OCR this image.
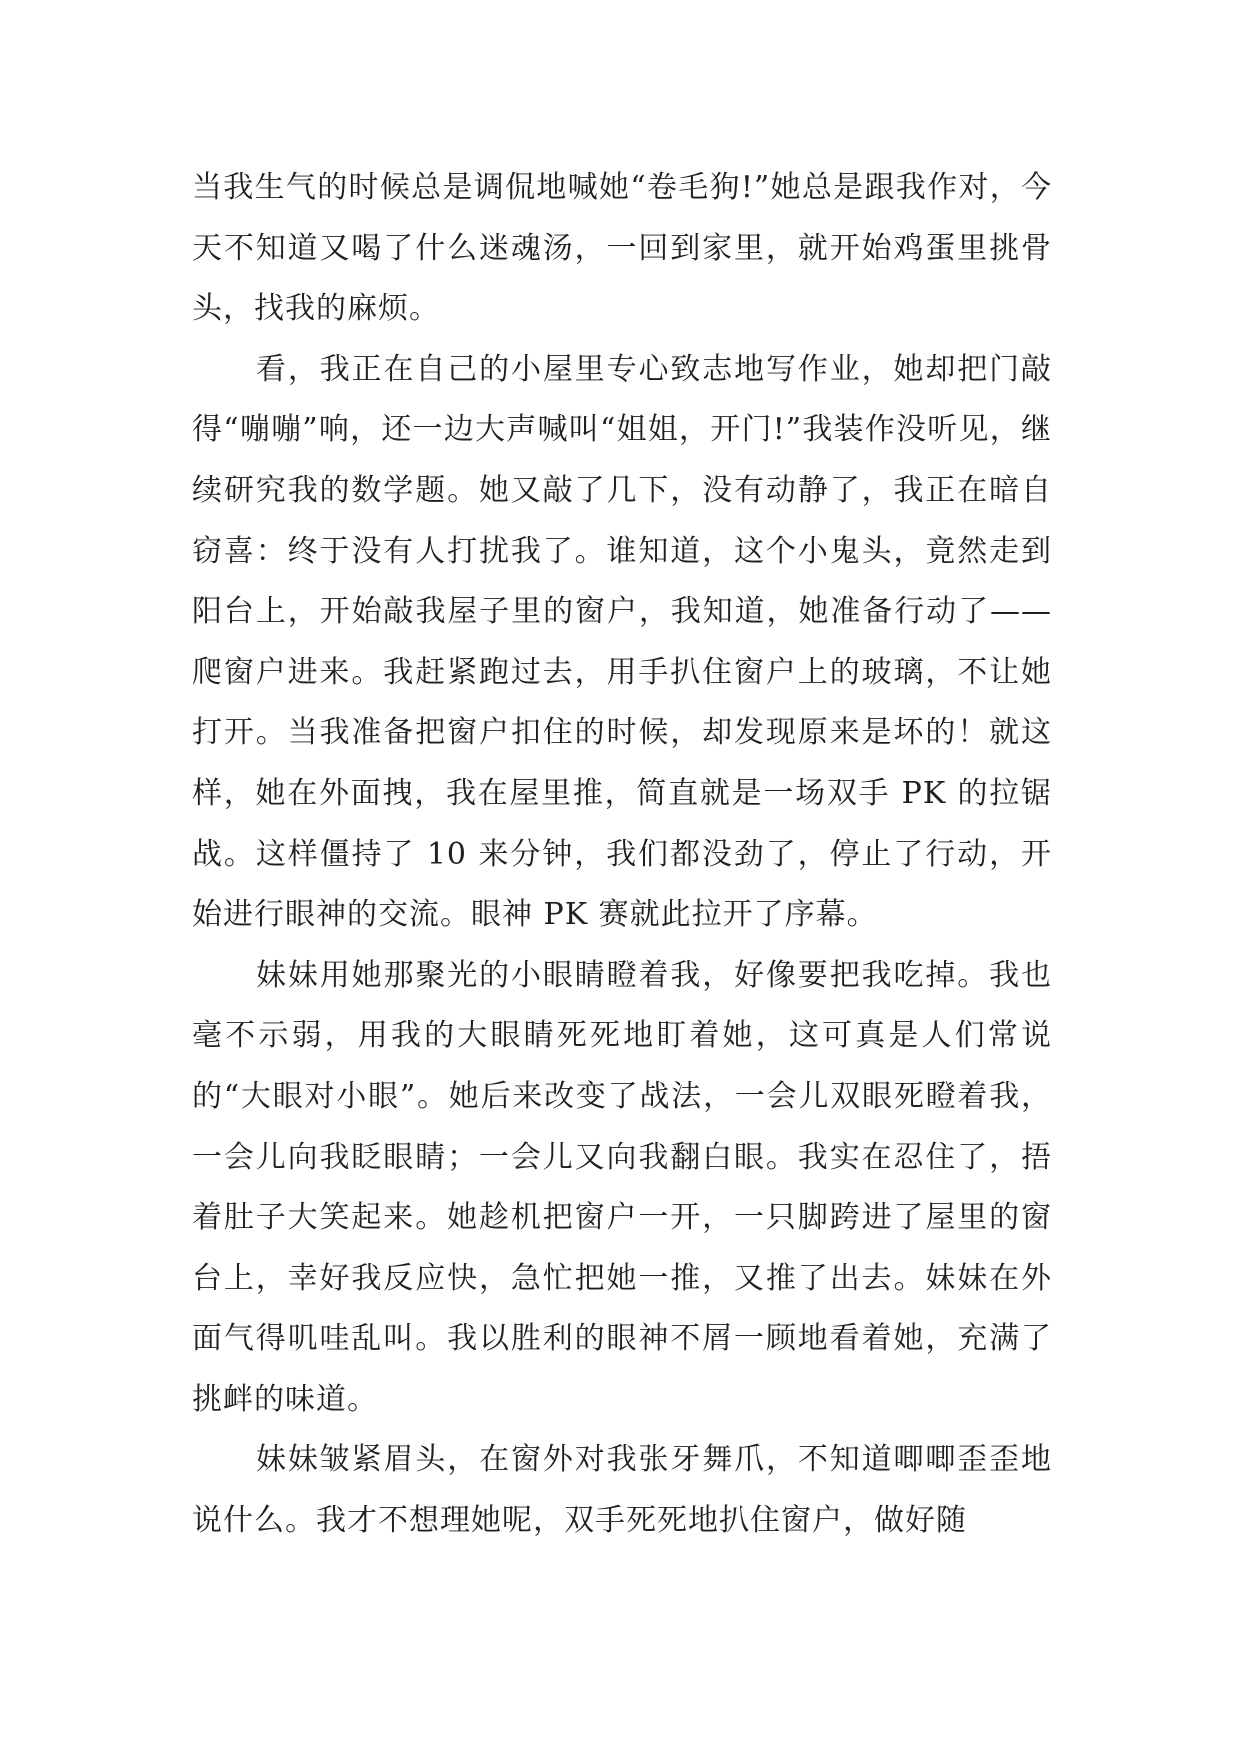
当我生气的时候总是调侃地喊她“卷毛狗!”她总是跟我作对，今天不知道又喝了什么迷魂汤，一回到家里，就开始鸡蛋里挑骨头，找我的麻烦。

看，我正在自己的小屋里专心致志地写作业，她却把门敲得“嘣嘣”响，还一边大声喊叫“姐姐，开门!”我装作没听见，继续研究我的数学题。她又敲了几下，没有动静了，我正在暗自窃喜：终于没有人打扰我了。谁知道，这个小鬼头，竟然走到阳台上，开始敲我屋子里的窗户，我知道，她准备行动了——爬窗户进来。我赶紧跑过去，用手扒住窗户上的玻璃，不让她打开。当我准备把窗户扣住的时候，却发现原来是坏的！就这样，她在外面拽，我在屋里推，简直就是一场双手 PK 的拉锯战。这样僵持了 10 来分钟，我们都没劲了，停止了行动，开始进行眼神的交流。眼神 PK 赛就此拉开了序幕。

妹妹用她那聚光的小眼睛瞪着我，好像要把我吃掉。我也毫不示弱，用我的大眼睛死死地盯着她，这可真是人们常说的“大眼对小眼”。她后来改变了战法，一会儿双眼死瞪着我，一会儿向我眨眼睛；一会儿又向我翻白眼。我实在忍住了，捂着肚子大笑起来。她趁机把窗户一开，一只脚跨进了屋里的窗台上，幸好我反应快，急忙把她一推，又推了出去。妹妹在外面气得叽哇乱叫。我以胜利的眼神不屑一顾地看着她，充满了挑衅的味道。

妹妹皱紧眉头，在窗外对我张牙舞爪，不知道唧唧歪歪地说什么。我才不想理她呢，双手死死地扒住窗户，做好随
